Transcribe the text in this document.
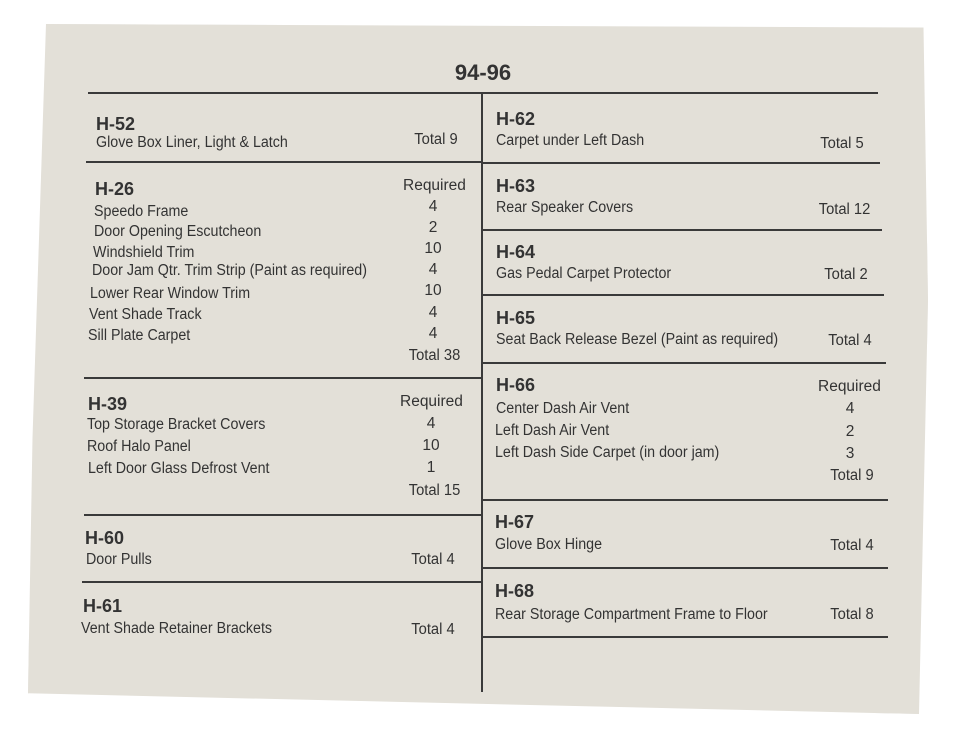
94-96
H-52
Glove Box Liner, Light & Latch	Total 9
H-26	Required
Speedo Frame	4
Door Opening Escutcheon	2
Windshield Trim	10
Door Jam Qtr. Trim Strip (Paint as required)	4
Lower Rear Window Trim	10
Vent Shade Track	4
Sill Plate Carpet	4
Total 38
H-39	Required
Top Storage Bracket Covers	4
Roof Halo Panel	10
Left Door Glass Defrost Vent	1
Total 15
H-60
Door Pulls	Total 4
H-61
Vent Shade Retainer Brackets	Total 4
H-62
Carpet under Left Dash	Total 5
H-63
Rear Speaker Covers	Total 12
H-64
Gas Pedal Carpet Protector	Total 2
H-65
Seat Back Release Bezel (Paint as required)	Total 4
H-66	Required
Center Dash Air Vent	4
Left Dash Air Vent	2
Left Dash Side Carpet (in door jam)	3
Total 9
H-67
Glove Box Hinge	Total 4
H-68
Rear Storage Compartment Frame to Floor	Total 8
